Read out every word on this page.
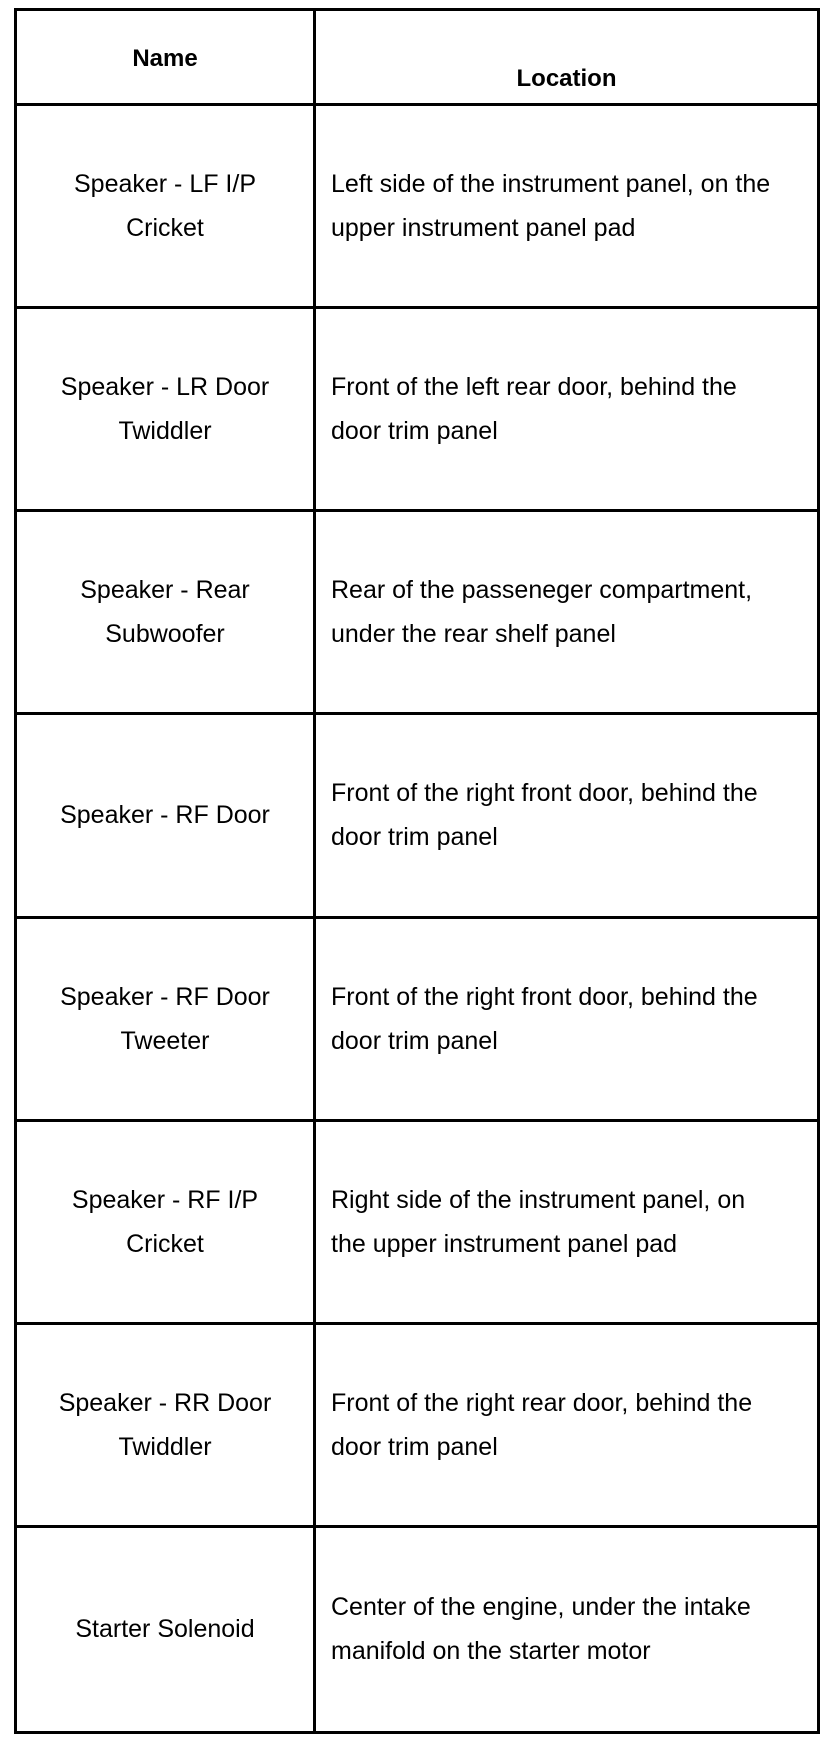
Name
Location
Speaker - LF I/P Cricket
Left side of the instrument panel, on the upper instrument panel pad
Speaker - LR Door Twiddler
Front of the left rear door, behind the door trim panel
Speaker - Rear Subwoofer
Rear of the passeneger compartment, under the rear shelf panel
Speaker - RF Door
Front of the right front door, behind the door trim panel
Speaker - RF Door Tweeter
Front of the right front door, behind the door trim panel
Speaker - RF I/P Cricket
Right side of the instrument panel, on the upper instrument panel pad
Speaker - RR Door Twiddler
Front of the right rear door, behind the door trim panel
Starter Solenoid
Center of the engine, under the intake manifold on the starter motor
